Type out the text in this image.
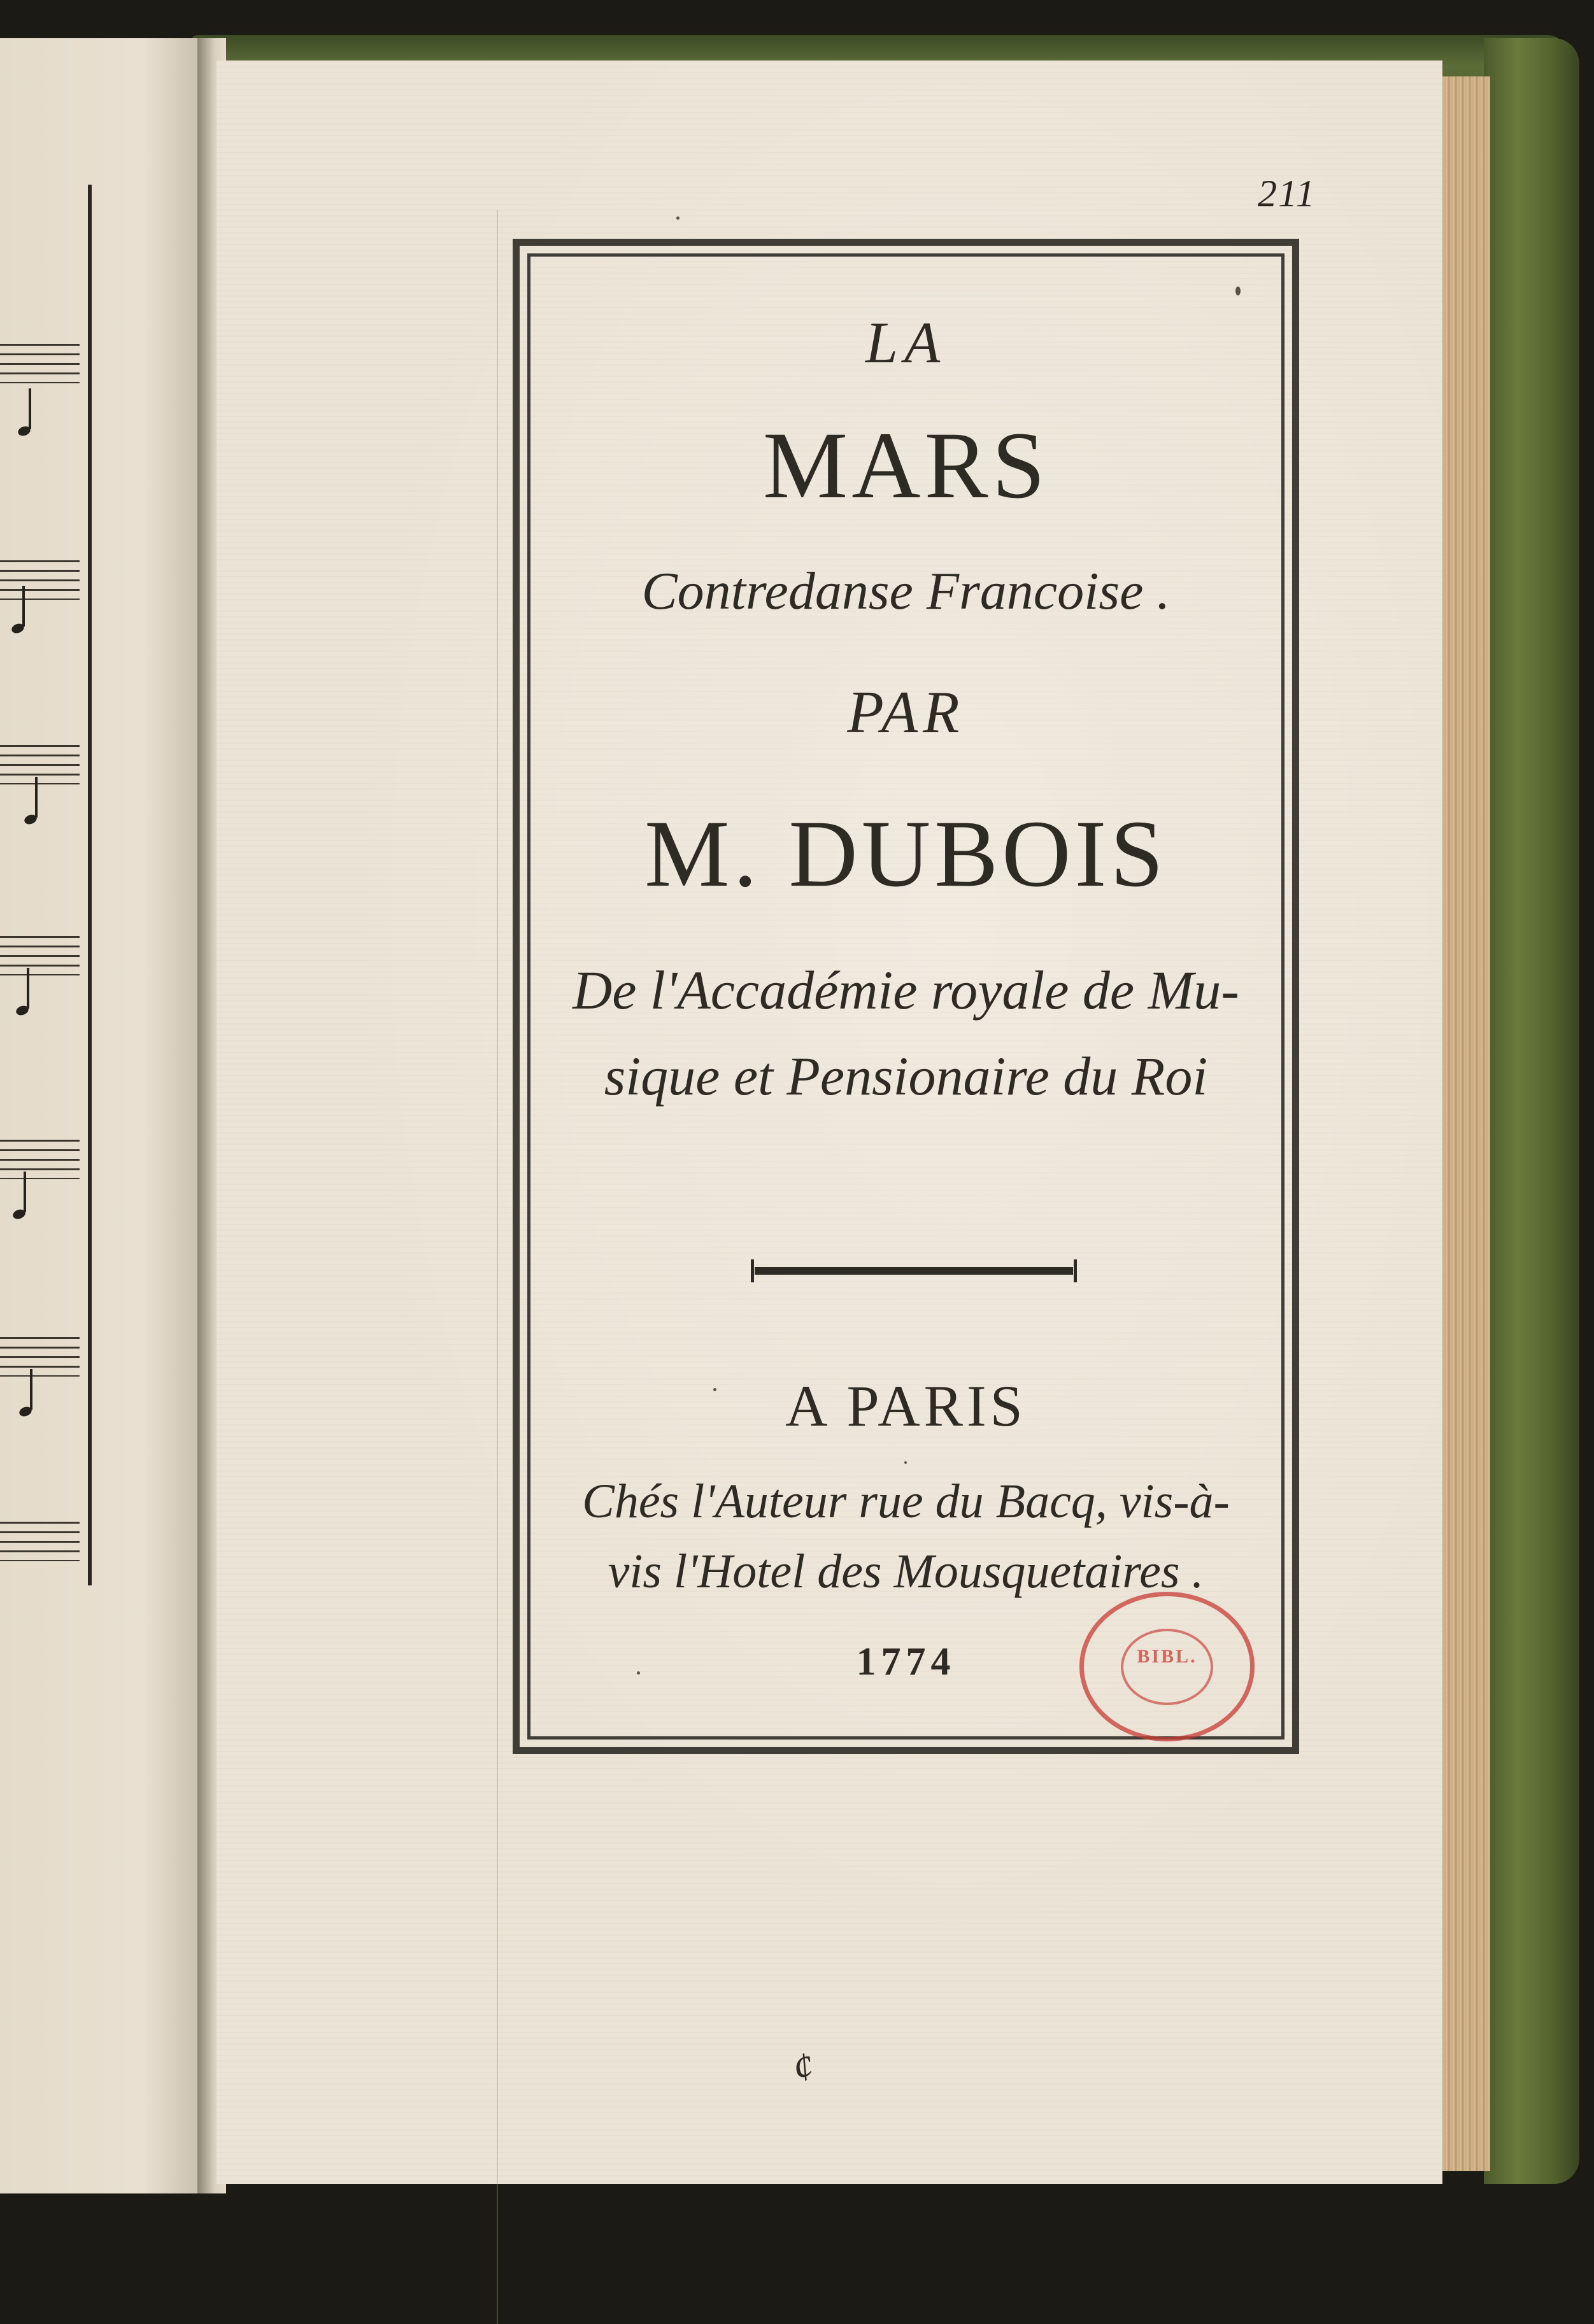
211

LA

MARS

Contredanse Francoise .

PAR

M. DUBOIS

De l'Accadémie royale de Mu-

sique et Pensionaire du Roi

A PARIS

Chés l'Auteur rue du Bacq, vis-à-

vis l'Hotel des Mousquetaires .

1774	BIBL.
¢
